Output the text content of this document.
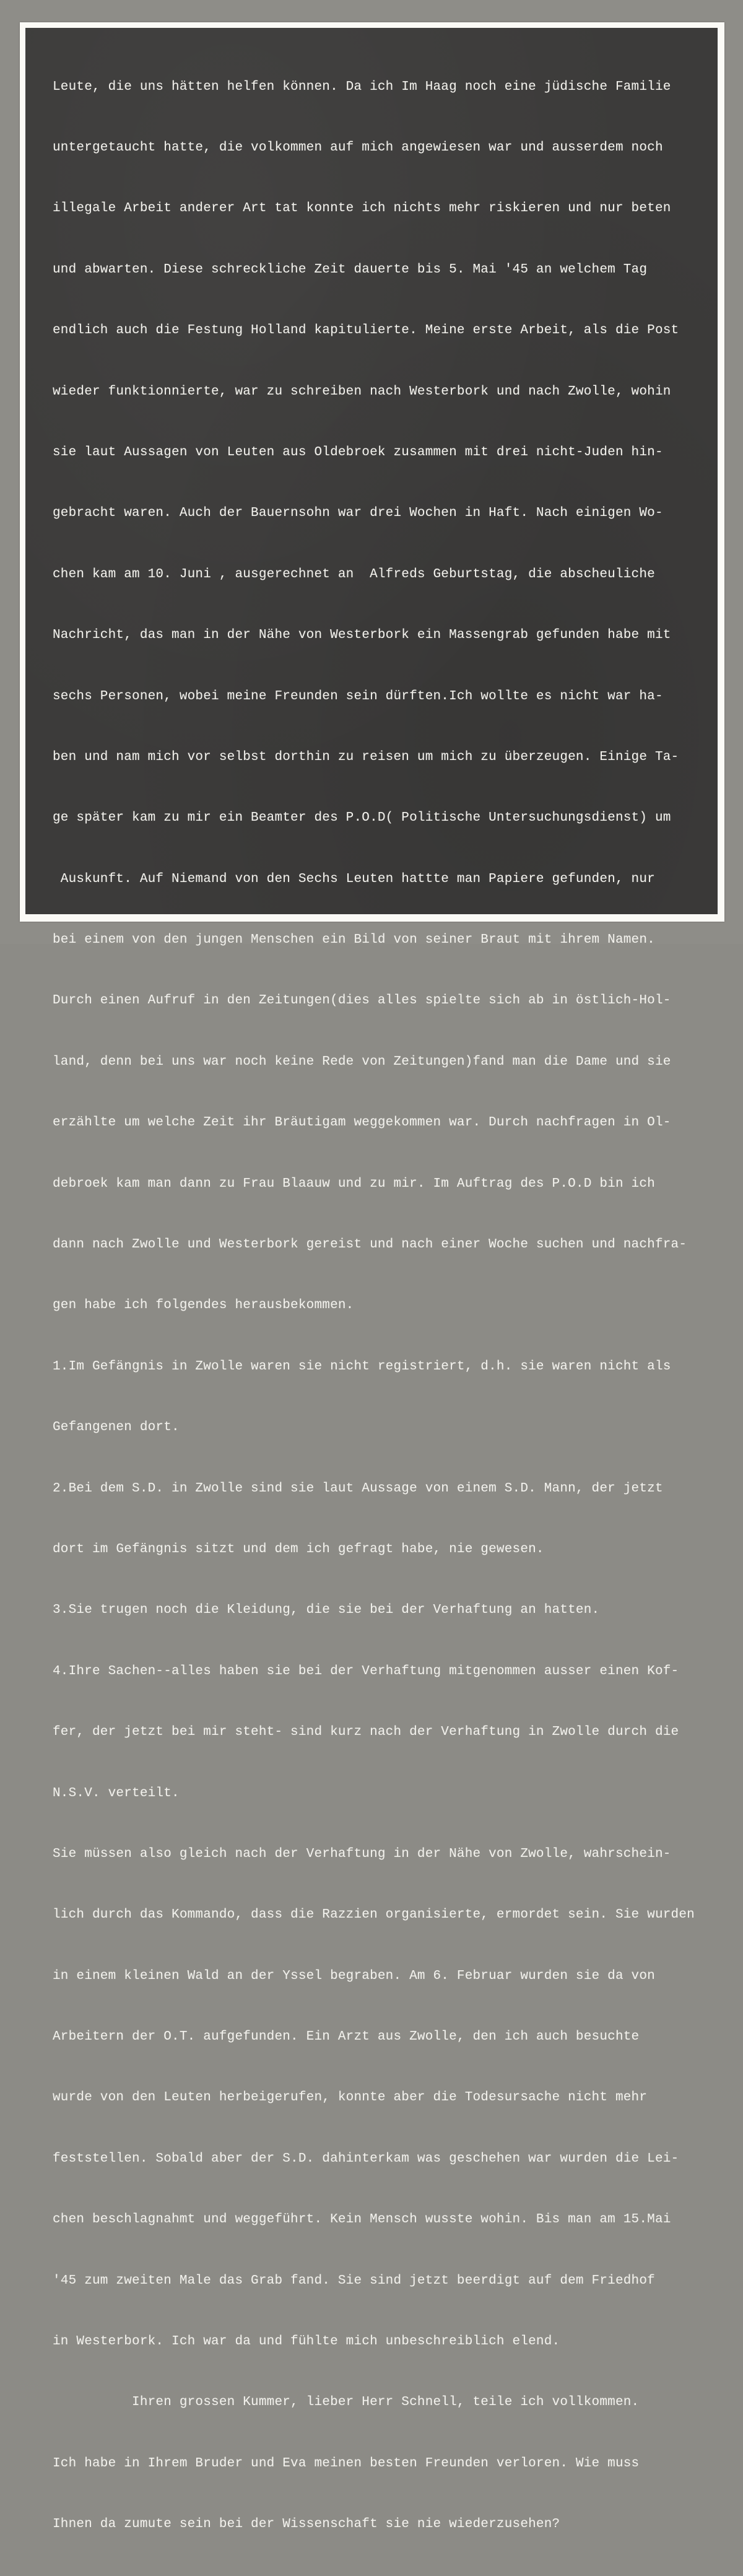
Leute, die uns hätten helfen können. Da ich Im Haag noch eine jüdische Familie

untergetaucht hatte, die volkommen auf mich angewiesen war und ausserdem noch

illegale Arbeit anderer Art tat konnte ich nichts mehr riskieren und nur beten

und abwarten. Diese schreckliche Zeit dauerte bis 5. Mai '45 an welchem Tag

endlich auch die Festung Holland kapitulierte. Meine erste Arbeit, als die Post

wieder funktionnierte, war zu schreiben nach Westerbork und nach Zwolle, wohin

sie laut Aussagen von Leuten aus Oldebroek zusammen mit drei nicht-Juden hin-

gebracht waren. Auch der Bauernsohn war drei Wochen in Haft. Nach einigen Wo-

chen kam am 10. Juni , ausgerechnet an  Alfreds Geburtstag, die abscheuliche

Nachricht, das man in der Nähe von Westerbork ein Massengrab gefunden habe mit

sechs Personen, wobei meine Freunden sein dürften.Ich wollte es nicht war ha-

ben und nam mich vor selbst dorthin zu reisen um mich zu überzeugen. Einige Ta-

ge später kam zu mir ein Beamter des P.O.D( Politische Untersuchungsdienst) um

Auskunft. Auf Niemand von den Sechs Leuten hattte man Papiere gefunden, nur

bei einem von den jungen Menschen ein Bild von seiner Braut mit ihrem Namen.

Durch einen Aufruf in den Zeitungen(dies alles spielte sich ab in östlich-Hol-

land, denn bei uns war noch keine Rede von Zeitungen)fand man die Dame und sie

erzählte um welche Zeit ihr Bräutigam weggekommen war. Durch nachfragen in Ol-

debroek kam man dann zu Frau Blaauw und zu mir. Im Auftrag des P.O.D bin ich

dann nach Zwolle und Westerbork gereist und nach einer Woche suchen und nachfra-

gen habe ich folgendes herausbekommen.

1.Im Gefängnis in Zwolle waren sie nicht registriert, d.h. sie waren nicht als

Gefangenen dort.

2.Bei dem S.D. in Zwolle sind sie laut Aussage von einem S.D. Mann, der jetzt

dort im Gefängnis sitzt und dem ich gefragt habe, nie gewesen.

3.Sie trugen noch die Kleidung, die sie bei der Verhaftung an hatten.

4.Ihre Sachen--alles haben sie bei der Verhaftung mitgenommen ausser einen Kof-

fer, der jetzt bei mir steht- sind kurz nach der Verhaftung in Zwolle durch die

N.S.V. verteilt.

Sie müssen also gleich nach der Verhaftung in der Nähe von Zwolle, wahrschein-

lich durch das Kommando, dass die Razzien organisierte, ermordet sein. Sie wurden

in einem kleinen Wald an der Yssel begraben. Am 6. Februar wurden sie da von

Arbeitern der O.T. aufgefunden. Ein Arzt aus Zwolle, den ich auch besuchte

wurde von den Leuten herbeigerufen, konnte aber die Todesursache nicht mehr

feststellen. Sobald aber der S.D. dahinterkam was geschehen war wurden die Lei-

chen beschlagnahmt und weggeführt. Kein Mensch wusste wohin. Bis man am 15.Mai

'45 zum zweiten Male das Grab fand. Sie sind jetzt beerdigt auf dem Friedhof

in Westerbork. Ich war da und fühlte mich unbeschreiblich elend.

Ihren grossen Kummer, lieber Herr Schnell, teile ich vollkommen.

Ich habe in Ihrem Bruder und Eva meinen besten Freunden verloren. Wie muss

Ihnen da zumute sein bei der Wissenschaft sie nie wiederzusehen?
